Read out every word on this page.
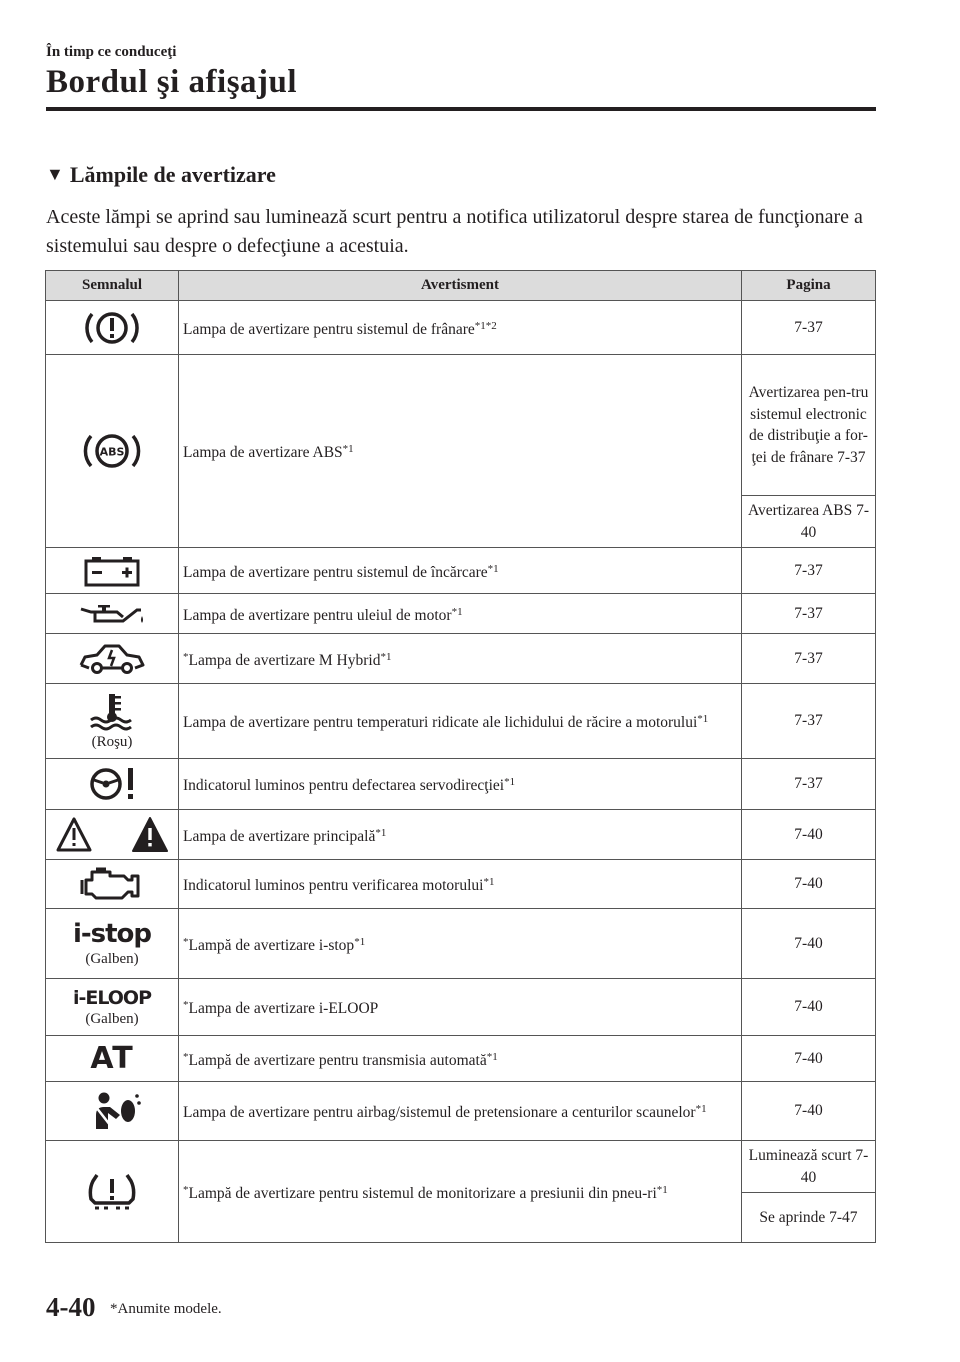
În timp ce conduceţi
Bordul şi afişajul
▼ Lămpile de avertizare
Aceste lămpi se aprind sau luminează scurt pentru a notifica utilizatorul despre starea de funcţionare a sistemului sau despre o defecţiune a acestuia.
Semnalul	Avertisment	Pagina
	Lampa de avertizare pentru sistemul de frânare$^{*1*2}$	7-37

ABS	Lampa de avertizare ABS$^{*1}$	Avertizarea pen-tru sistemul electronic de distribuţie a for-ţei de frânare 7-37
		Avertizarea ABS 7-40
	Lampa de avertizare pentru sistemul de încărcare$^{*1}$	7-37
	Lampa de avertizare pentru uleiul de motor$^{*1}$	7-37
	*Lampa de avertizare M Hybrid$^{*1}$	7-37

(Roşu)	Lampa de avertizare pentru temperaturi ridicate ale lichidului de răcire a motorului$^{*1}$	7-37
	Indicatorul luminos pentru defectarea servodirecţiei$^{*1}$	7-37
	Lampa de avertizare principală$^{*1}$	7-40
	Indicatorul luminos pentru verificarea motorului$^{*1}$	7-40
i-stop
(Galben)	*Lampă de avertizare i-stop$^{*1}$	7-40
i-ELOOP
(Galben)	*Lampa de avertizare i-ELOOP	7-40
AT	*Lampă de avertizare pentru transmisia automată$^{*1}$	7-40
	Lampa de avertizare pentru airbag/sistemul de pretensionare a centurilor scaunelor$^{*1}$	7-40
	*Lampă de avertizare pentru sistemul de monitorizare a presiunii din pneu-$ri^{*1}$	Luminează scurt 7-40
		Se aprinde 7-47
4-40 *Anumite modele.
